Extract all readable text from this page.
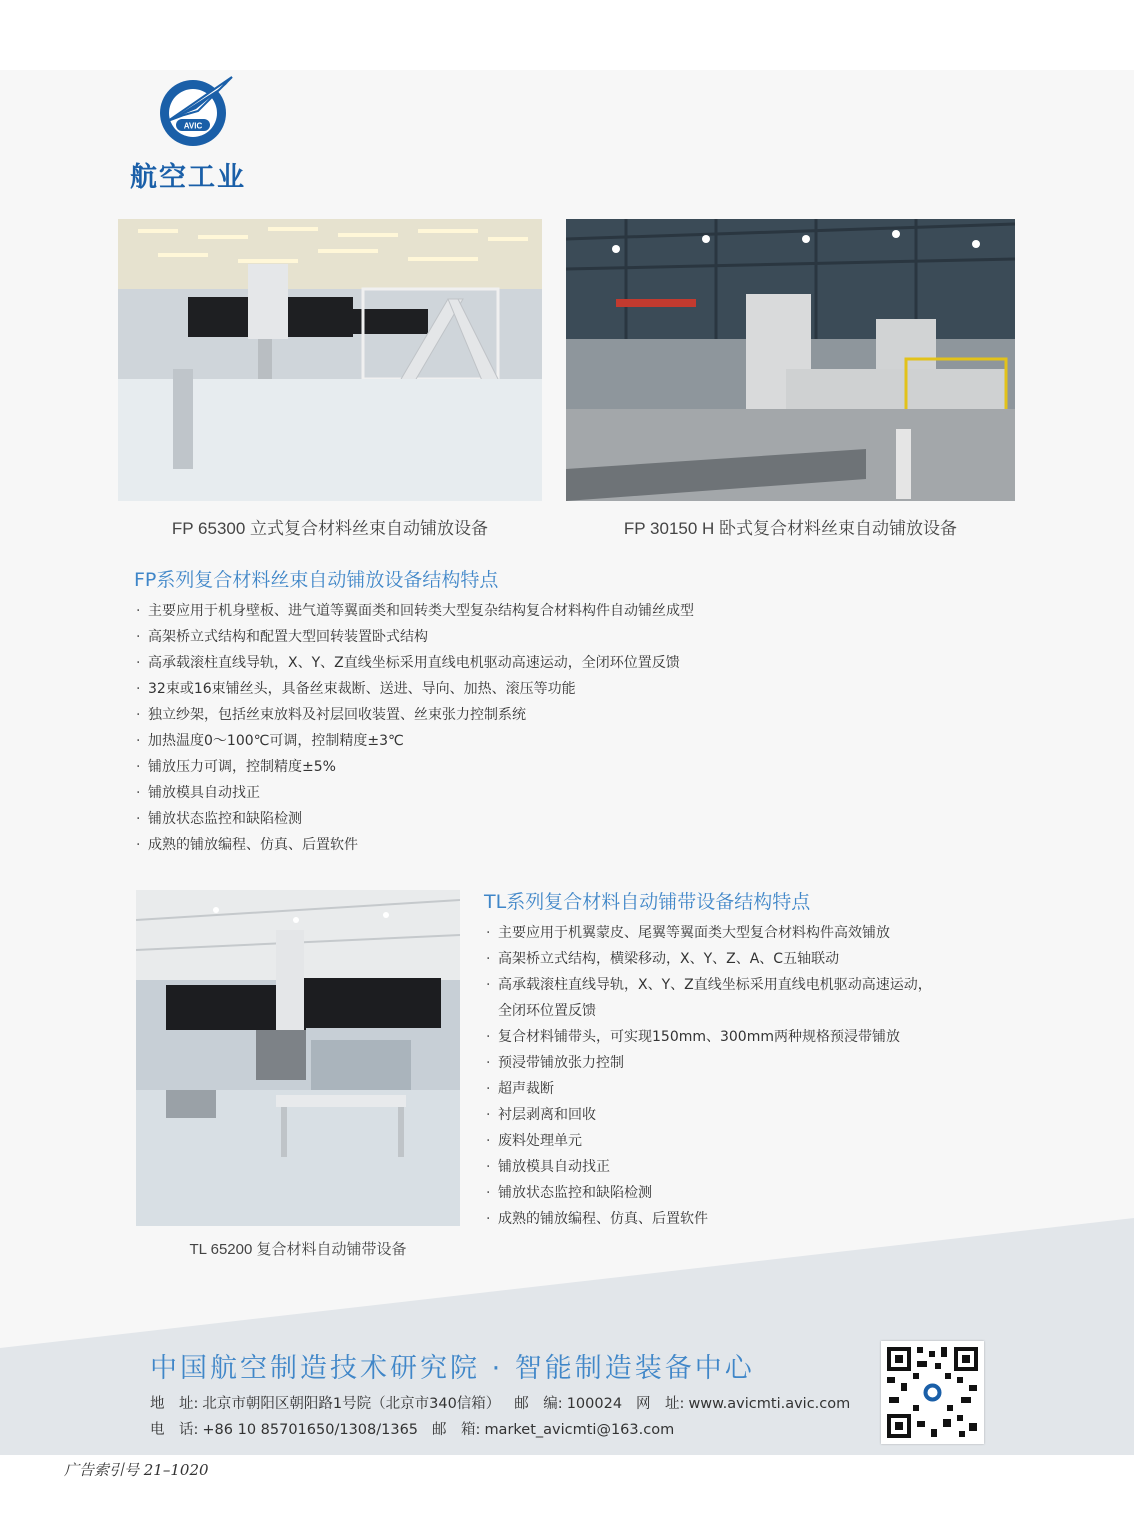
AVIC
航空工业
FP 65300 立式复合材料丝束自动铺放设备	FP 30150 H 卧式复合材料丝束自动铺放设备
FP系列复合材料丝束自动铺放设备结构特点
· 主要应用于机身壁板、进气道等翼面类和回转类大型复杂结构复合材料构件自动铺丝成型
· 高架桥立式结构和配置大型回转装置卧式结构
· 高承载滚柱直线导轨，X、Y、Z直线坐标采用直线电机驱动高速运动，全闭环位置反馈
· 32束或16束铺丝头，具备丝束裁断、送进、导向、加热、滚压等功能
· 独立纱架，包括丝束放料及衬层回收装置、丝束张力控制系统
· 加热温度0～100℃可调，控制精度±3℃
· 铺放压力可调，控制精度±5%
· 铺放模具自动找正
· 铺放状态监控和缺陷检测
· 成熟的铺放编程、仿真、后置软件
TL 65200 复合材料自动铺带设备
TL系列复合材料自动铺带设备结构特点
· 主要应用于机翼蒙皮、尾翼等翼面类大型复合材料构件高效铺放
· 高架桥立式结构，横梁移动，X、Y、Z、A、C五轴联动
· 高承载滚柱直线导轨，X、Y、Z直线坐标采用直线电机驱动高速运动，
全闭环位置反馈
· 复合材料铺带头，可实现150mm、300mm两种规格预浸带铺放
· 预浸带铺放张力控制
· 超声裁断
· 衬层剥离和回收
· 废料处理单元
· 铺放模具自动找正
· 铺放状态监控和缺陷检测
· 成熟的铺放编程、仿真、后置软件
中国航空制造技术研究院 · 智能制造装备中心
地　址: 北京市朝阳区朝阳路1号院（北京市340信箱） 邮　编: 100024 网　址: www.avicmti.avic.com
电　话: +86 10 85701650/1308/1365 邮　箱: market_avicmti@163.com
广告索引号 21–1020
